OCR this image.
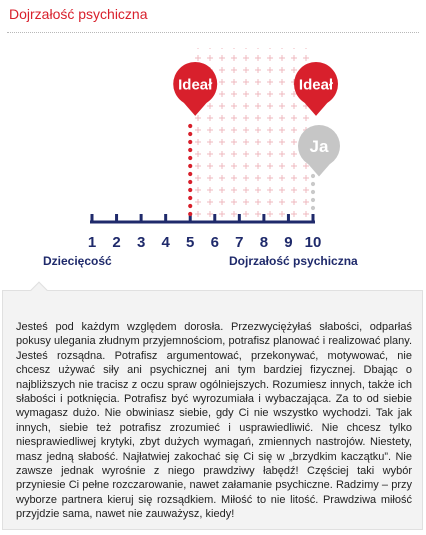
Dojrzałość psychiczna
Ideał	Ideał
Ja
1	2	3	4	5	6	7	8	9 10
Dziecięcość	Dojrzałość psychiczna

Jesteś pod każdym względem dorosła. Przezwyciężyłaś słabości, odparłaś pokusy ulegania złudnym przyjemnościom, potrafisz planować i realizować plany. Jesteś rozsądna. Potrafisz argumentować, przekonywać, motywować, nie chcesz używać siły ani psychicznej ani tym bardziej fizycznej. Dbając o najbliższych nie tracisz z oczu spraw ogólniejszych. Rozumiesz innych, także ich słabości i potknięcia. Potrafisz być wyrozumiała i wybaczająca. Za to od siebie wymagasz dużo. Nie obwiniasz siebie, gdy Ci nie wszystko wychodzi. Tak jak innych, siebie też potrafisz zrozumieć i usprawiedliwić. Nie chcesz tylko niesprawiedliwej krytyki, zbyt dużych wymagań, zmiennych nastrojów. Niestety, masz jedną słabość. Najłatwiej zakochać się Ci się w „brzydkim kaczątku”. Nie zawsze jednak wyrośnie z niego prawdziwy łabędź! Częściej taki wybór przyniesie Ci pełne rozczarowanie, nawet załamanie psychiczne. Radzimy – przy wyborze partnera kieruj się rozsądkiem. Miłość to nie litość. Prawdziwa miłość przyjdzie sama, nawet nie zauważysz, kiedy!
